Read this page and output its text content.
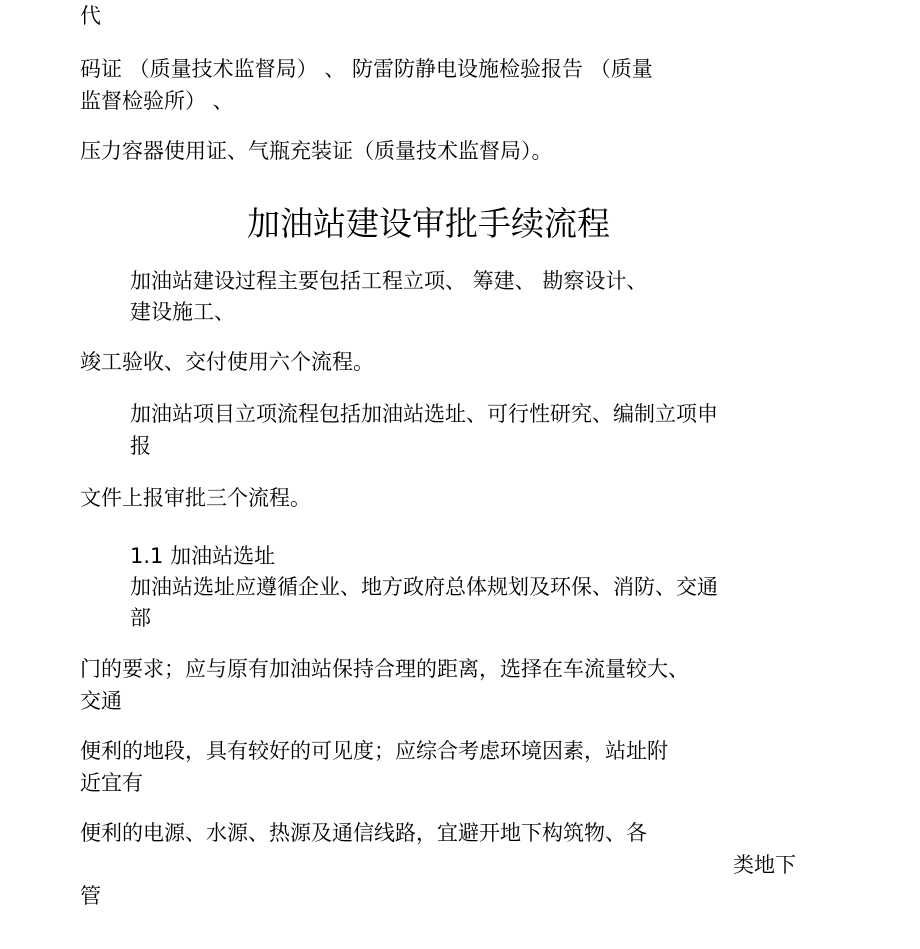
代

码证 （质量技术监督局） 、 防雷防静电设施检验报告 （质量

监督检验所） 、

压力容器使用证、气瓶充装证（质量技术监督局）。

加油站建设审批手续流程

加油站建设过程主要包括工程立项、 筹建、 勘察设计、

建设施工、

竣工验收、交付使用六个流程。

加油站项目立项流程包括加油站选址、可行性研究、编制立项申

报

文件上报审批三个流程。

1.1 加油站选址

加油站选址应遵循企业、地方政府总体规划及环保、消防、交通

部

门的要求；应与原有加油站保持合理的距离，选择在车流量较大、

交通

便利的地段，具有较好的可见度；应综合考虑环境因素，站址附

近宜有

便利的电源、水源、热源及通信线路，宜避开地下构筑物、各

类地下

管
